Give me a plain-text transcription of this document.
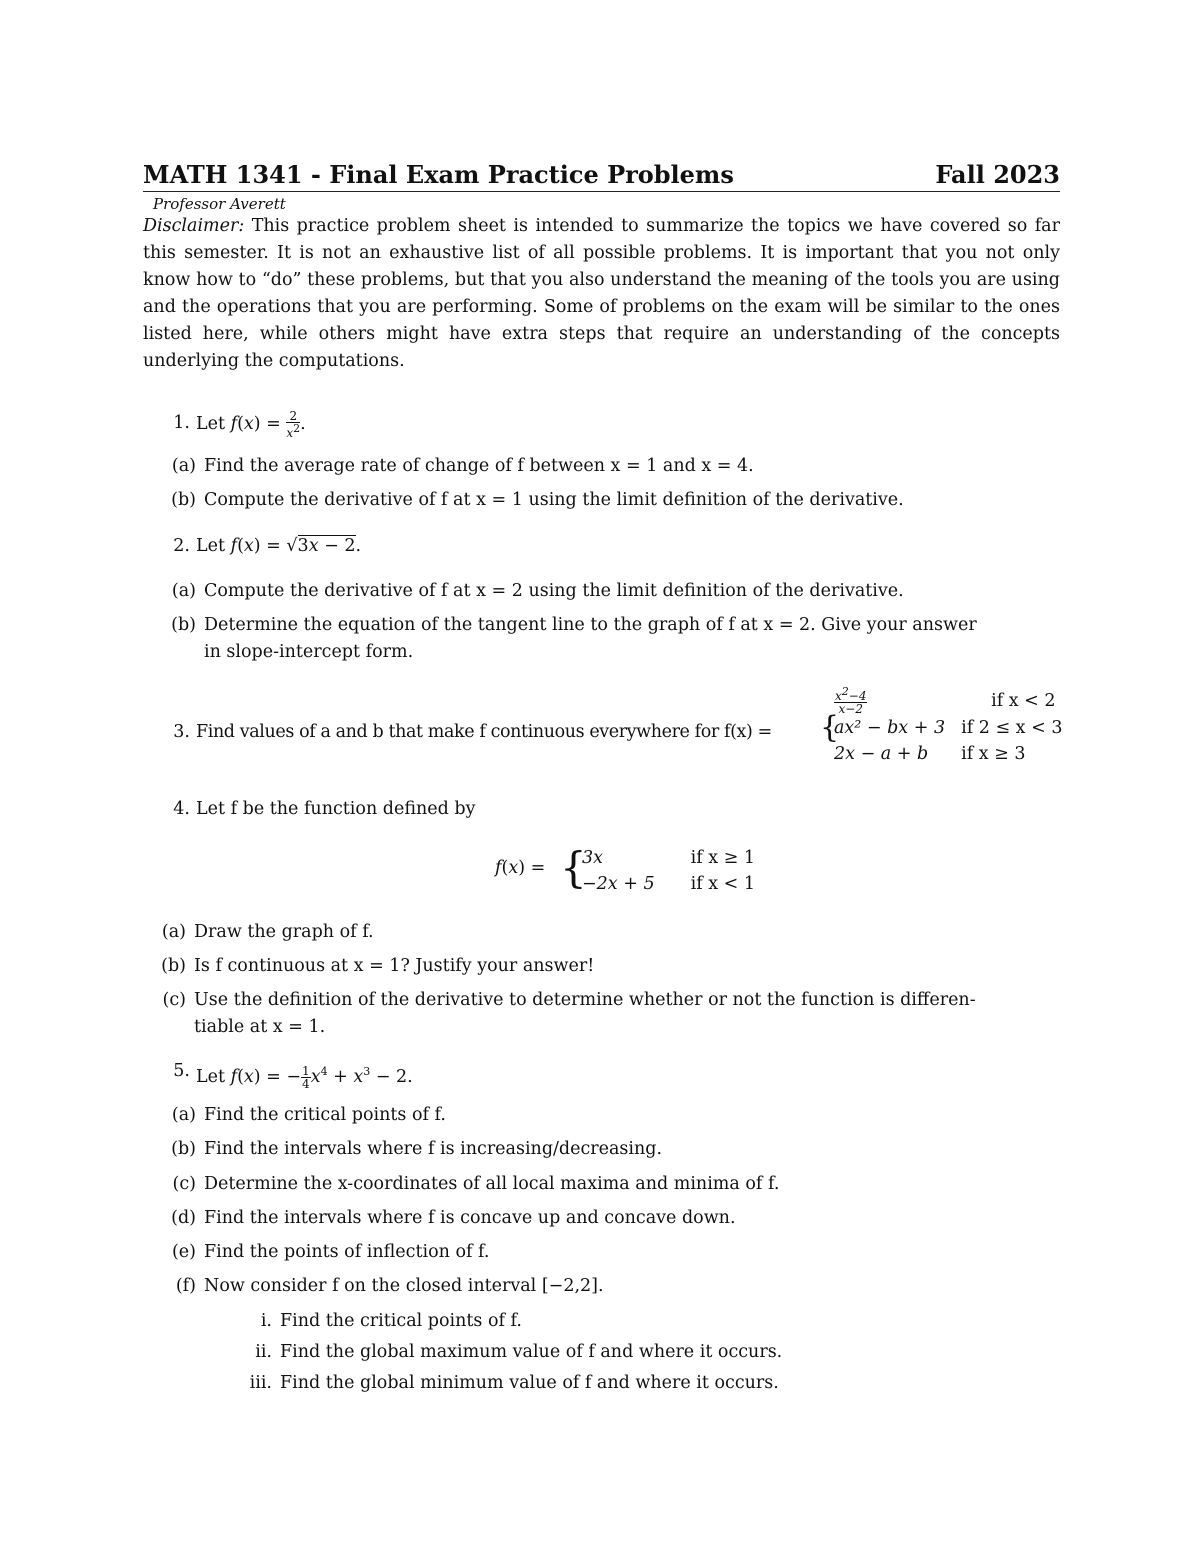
MATH 1341 - Final Exam Practice Problems	Fall 2023
Professor Averett
Disclaimer: This practice problem sheet is intended to summarize the topics we have covered so far this semester. It is not an exhaustive list of all possible problems. It is important that you not only know how to “do” these problems, but that you also understand the meaning of the tools you are using and the operations that you are performing. Some of problems on the exam will be similar to the ones listed here, while others might have extra steps that require an understanding of the concepts underlying the computations.
1. Let $f(x) = \frac{2}{x^2}$ .
(a) Find the average rate of change of f between x = 1 and x = 4.
(b) Compute the derivative of f at x = 1 using the limit definition of the derivative.
2. Let f(x) = √3x − 2.
(a) Compute the derivative of f at x = 2 using the limit definition of the derivative.
(b) Determine the equation of the tangent line to the graph of f at x = 2. Give your answer
in slope-intercept form.
3. Find values of a and b that make f continuous everywhere for f(x) = {
$\frac{x^2-4}{x-2}$	if x < 2
ax² − bx + 3	if 2 ≤ x < 3
2x − a + b	if x ≥ 3
4. Let f be the function defined by
f(x) = {
3x	if x ≥ 1
−2x + 5	if x < 1
(a) Draw the graph of f.
(b) Is f continuous at x = 1? Justify your answer!
(c) Use the definition of the derivative to determine whether or not the function is differen-
tiable at x = 1.
5. Let f(x) = − $\frac{1}{4} x^4 + x^3 - 2$.
(a) Find the critical points of f.
(b) Find the intervals where f is increasing/decreasing.
(c) Determine the x-coordinates of all local maxima and minima of f.
(d) Find the intervals where f is concave up and concave down.
(e) Find the points of inflection of f.
(f) Now consider f on the closed interval [−2,2].
i. Find the critical points of f.
ii. Find the global maximum value of f and where it occurs.
iii. Find the global minimum value of f and where it occurs.
